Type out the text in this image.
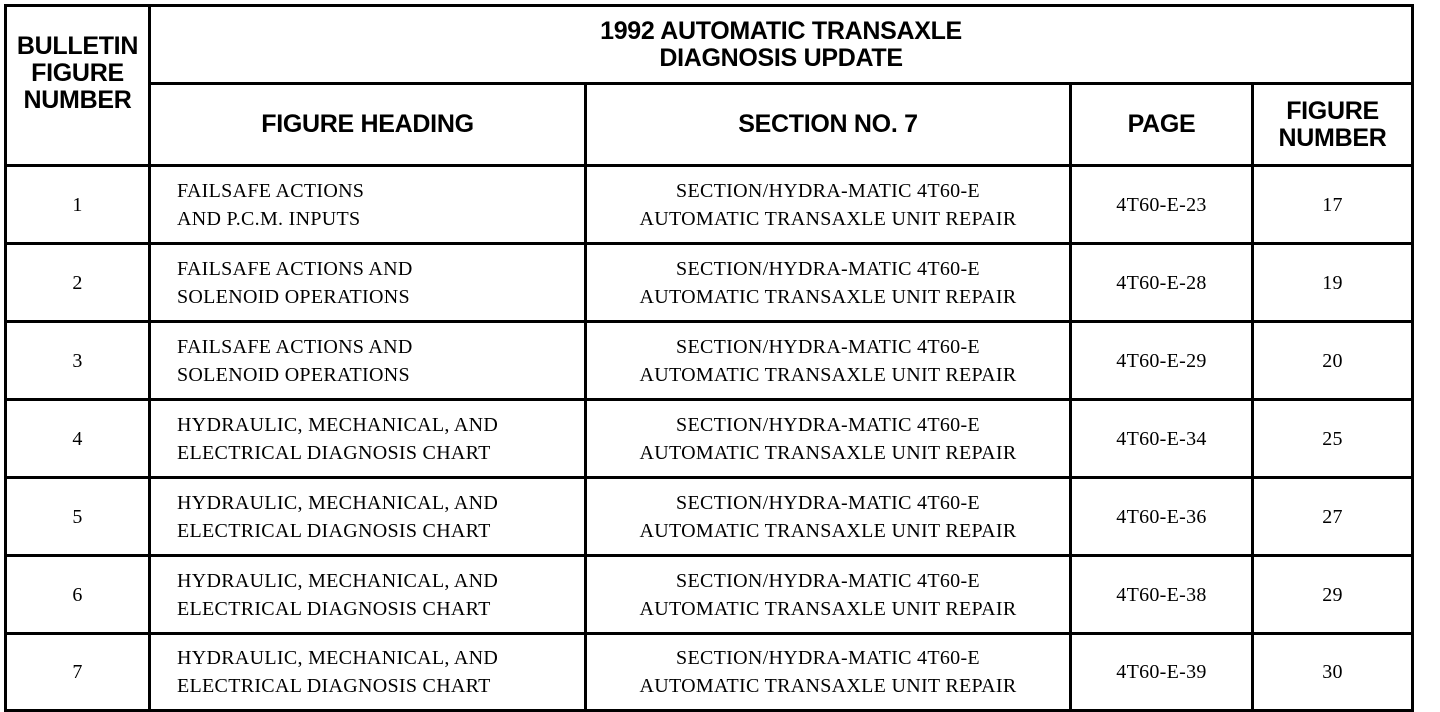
BULLETIN
FIGURE
NUMBER	1992 AUTOMATIC TRANSAXLE
DIAGNOSIS UPDATE			

	FIGURE HEADING	SECTION NO. 7	PAGE	FIGURE
NUMBER

1	FAILSAFE ACTIONS
AND P.C.M. INPUTS	SECTION/HYDRA-MATIC 4T60-E
AUTOMATIC TRANSAXLE UNIT REPAIR	4T60-E-23	17
2	FAILSAFE ACTIONS AND
SOLENOID OPERATIONS	SECTION/HYDRA-MATIC 4T60-E
AUTOMATIC TRANSAXLE UNIT REPAIR	4T60-E-28	19
3	FAILSAFE ACTIONS AND
SOLENOID OPERATIONS	SECTION/HYDRA-MATIC 4T60-E
AUTOMATIC TRANSAXLE UNIT REPAIR	4T60-E-29	20
4	HYDRAULIC, MECHANICAL, AND
ELECTRICAL DIAGNOSIS CHART	SECTION/HYDRA-MATIC 4T60-E
AUTOMATIC TRANSAXLE UNIT REPAIR	4T60-E-34	25
5	HYDRAULIC, MECHANICAL, AND
ELECTRICAL DIAGNOSIS CHART	SECTION/HYDRA-MATIC 4T60-E
AUTOMATIC TRANSAXLE UNIT REPAIR	4T60-E-36	27
6	HYDRAULIC, MECHANICAL, AND
ELECTRICAL DIAGNOSIS CHART	SECTION/HYDRA-MATIC 4T60-E
AUTOMATIC TRANSAXLE UNIT REPAIR	4T60-E-38	29
7	HYDRAULIC, MECHANICAL, AND
ELECTRICAL DIAGNOSIS CHART	SECTION/HYDRA-MATIC 4T60-E
AUTOMATIC TRANSAXLE UNIT REPAIR	4T60-E-39	30
